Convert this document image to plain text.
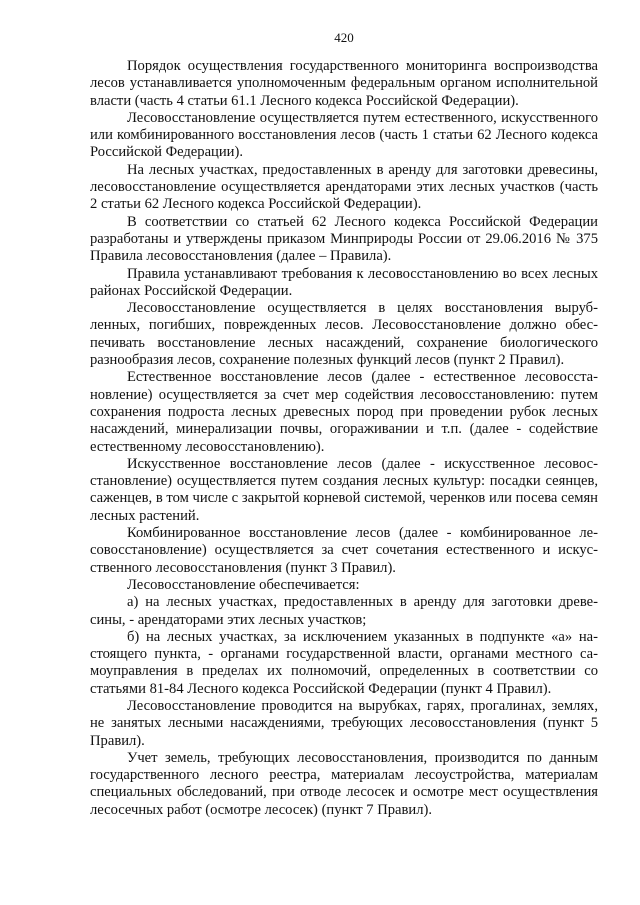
420

Порядок осуществления государственного мониторинга воспроизводства лесов устанавливается уполномоченным федеральным органом исполнительной власти (часть 4 статьи 61.1 Лесного кодекса Российской Федерации).

Лесовосстановление осуществляется путем естественного, искусственного или комбинированного восстановления лесов (часть 1 статьи 62 Лесного кодекса Российской Федерации).

На лесных участках, предоставленных в аренду для заготовки древесины, лесовосстановление осуществляется арендаторами этих лесных участков (часть 2 статьи 62 Лесного кодекса Российской Федерации).

В соответствии со статьей 62 Лесного кодекса Российской Федерации разработаны и утверждены приказом Минприроды России от 29.06.2016 № 375 Правила лесовосстановления (далее – Правила).

Правила устанавливают требования к лесовосстановлению во всех лесных районах Российской Федерации.

Лесовосстановление осуществляется в целях восстановления вырубленных, погибших, поврежденных лесов. Лесовосстановление должно обеспечивать восстановление лесных насаждений, сохранение биологического разнообразия лесов, сохранение полезных функций лесов (пункт 2 Правил).

Естественное восстановление лесов (далее - естественное лесовосстановление) осуществляется за счет мер содействия лесовосстановлению: путем сохранения подроста лесных древесных пород при проведении рубок лесных насаждений, минерализации почвы, огораживании и т.п. (далее - содействие естественному лесовосстановлению).

Искусственное восстановление лесов (далее - искусственное лесовосстановление) осуществляется путем создания лесных культур: посадки сеянцев, саженцев, в том числе с закрытой корневой системой, черенков или посева семян лесных растений.

Комбинированное восстановление лесов (далее - комбинированное лесовосстановление) осуществляется за счет сочетания естественного и искусственного лесовосстановления (пункт 3 Правил).

Лесовосстановление обеспечивается:

а) на лесных участках, предоставленных в аренду для заготовки древесины, - арендаторами этих лесных участков;

б) на лесных участках, за исключением указанных в подпункте «а» настоящего пункта, - органами государственной власти, органами местного самоуправления в пределах их полномочий, определенных в соответствии со статьями 81-84 Лесного кодекса Российской Федерации (пункт 4 Правил).

Лесовосстановление проводится на вырубках, гарях, прогалинах, землях, не занятых лесными насаждениями, требующих лесовосстановления (пункт 5 Правил).

Учет земель, требующих лесовосстановления, производится по данным государственного лесного реестра, материалам лесоустройства, материалам специальных обследований, при отводе лесосек и осмотре мест осуществления лесосечных работ (осмотре лесосек) (пункт 7 Правил).
